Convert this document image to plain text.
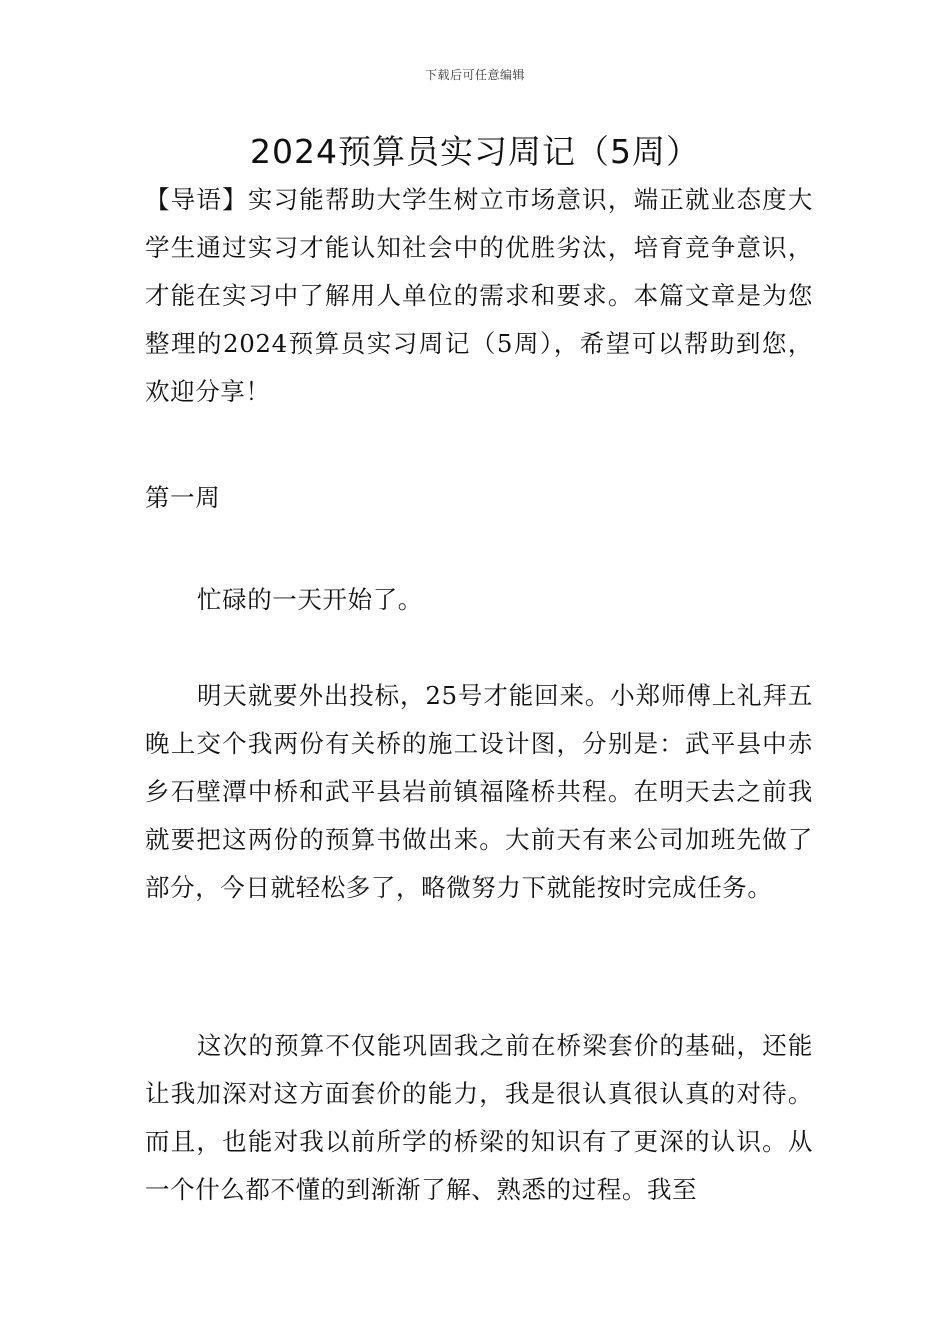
下载后可任意编辑
2024预算员实习周记（5周）
【导语】实习能帮助大学生树立市场意识，端正就业态度大学生通过实习才能认知社会中的优胜劣汰，培育竞争意识，才能在实习中了解用人单位的需求和要求。本篇文章是为您整理的2024预算员实习周记（5周），希望可以帮助到您，欢迎分享！
第一周
忙碌的一天开始了。
明天就要外出投标，25号才能回来。小郑师傅上礼拜五晚上交个我两份有关桥的施工设计图，分别是：武平县中赤乡石壁潭中桥和武平县岩前镇福隆桥共程。在明天去之前我就要把这两份的预算书做出来。大前天有来公司加班先做了部分，今日就轻松多了，略微努力下就能按时完成任务。
这次的预算不仅能巩固我之前在桥梁套价的基础，还能让我加深对这方面套价的能力，我是很认真很认真的对待。而且，也能对我以前所学的桥梁的知识有了更深的认识。从一个什么都不懂的到渐渐了解、熟悉的过程。我至
